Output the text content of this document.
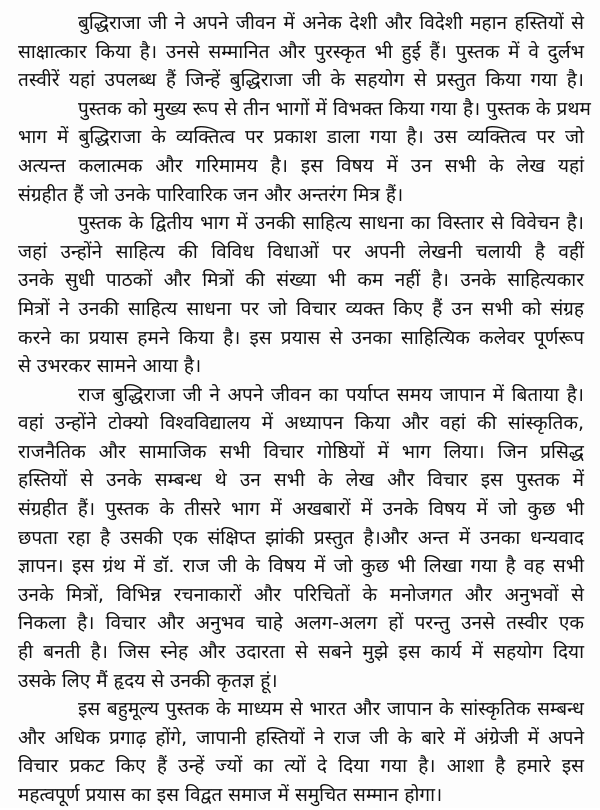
बुद्धिराजा जी ने अपने जीवन में अनेक देशी और विदेशी महान हस्तियों से
साक्षात्कार किया है। उनसे सम्मानित और पुरस्कृत भी हुई हैं। पुस्तक में वे दुर्लभ
तस्वीरें यहां उपलब्ध हैं जिन्हें बुद्धिराजा जी के सहयोग से प्रस्तुत किया गया है।
पुस्तक को मुख्य रूप से तीन भागों में विभक्त किया गया है। पुस्तक के प्रथम
भाग में बुद्धिराजा के व्यक्तित्व पर प्रकाश डाला गया है। उस व्यक्तित्व पर जो
अत्यन्त कलात्मक और गरिमामय है। इस विषय में उन सभी के लेख यहां
संग्रहीत हैं जो उनके पारिवारिक जन और अन्तरंग मित्र हैं।
पुस्तक के द्वितीय भाग में उनकी साहित्य साधना का विस्तार से विवेचन है।
जहां उन्होंने साहित्य की विविध विधाओं पर अपनी लेखनी चलायी है वहीं
उनके सुधी पाठकों और मित्रों की संख्या भी कम नहीं है। उनके साहित्यकार
मित्रों ने उनकी साहित्य साधना पर जो विचार व्यक्त किए हैं उन सभी को संग्रह
करने का प्रयास हमने किया है। इस प्रयास से उनका साहित्यिक कलेवर पूर्णरूप
से उभरकर सामने आया है।
राज बुद्धिराजा जी ने अपने जीवन का पर्याप्त समय जापान में बिताया है।
वहां उन्होंने टोक्यो विश्वविद्यालय में अध्यापन किया और वहां की सांस्कृतिक,
राजनैतिक और सामाजिक सभी विचार गोष्ठियों में भाग लिया। जिन प्रसिद्ध
हस्तियों से उनके सम्बन्ध थे उन सभी के लेख और विचार इस पुस्तक में
संग्रहीत हैं। पुस्तक के तीसरे भाग में अखबारों में उनके विषय में जो कुछ भी
छपता रहा है उसकी एक संक्षिप्त झांकी प्रस्तुत है।और अन्त में उनका धन्यवाद
ज्ञापन। इस ग्रंथ में डॉ. राज जी के विषय में जो कुछ भी लिखा गया है वह सभी
उनके मित्रों, विभिन्न रचनाकारों और परिचितों के मनोजगत और अनुभवों से
निकला है। विचार और अनुभव चाहे अलग-अलग हों परन्तु उनसे तस्वीर एक
ही बनती है। जिस स्नेह और उदारता से सबने मुझे इस कार्य में सहयोग दिया
उसके लिए मैं हृदय से उनकी कृतज्ञ हूं।
इस बहुमूल्य पुस्तक के माध्यम से भारत और जापान के सांस्कृतिक सम्बन्ध
और अधिक प्रगाढ़ होंगे, जापानी हस्तियों ने राज जी के बारे में अंग्रेजी में अपने
विचार प्रकट किए हैं उन्हें ज्यों का त्यों दे दिया गया है। आशा है हमारे इस
महत्वपूर्ण प्रयास का इस विद्वत समाज में समुचित सम्मान होगा।
